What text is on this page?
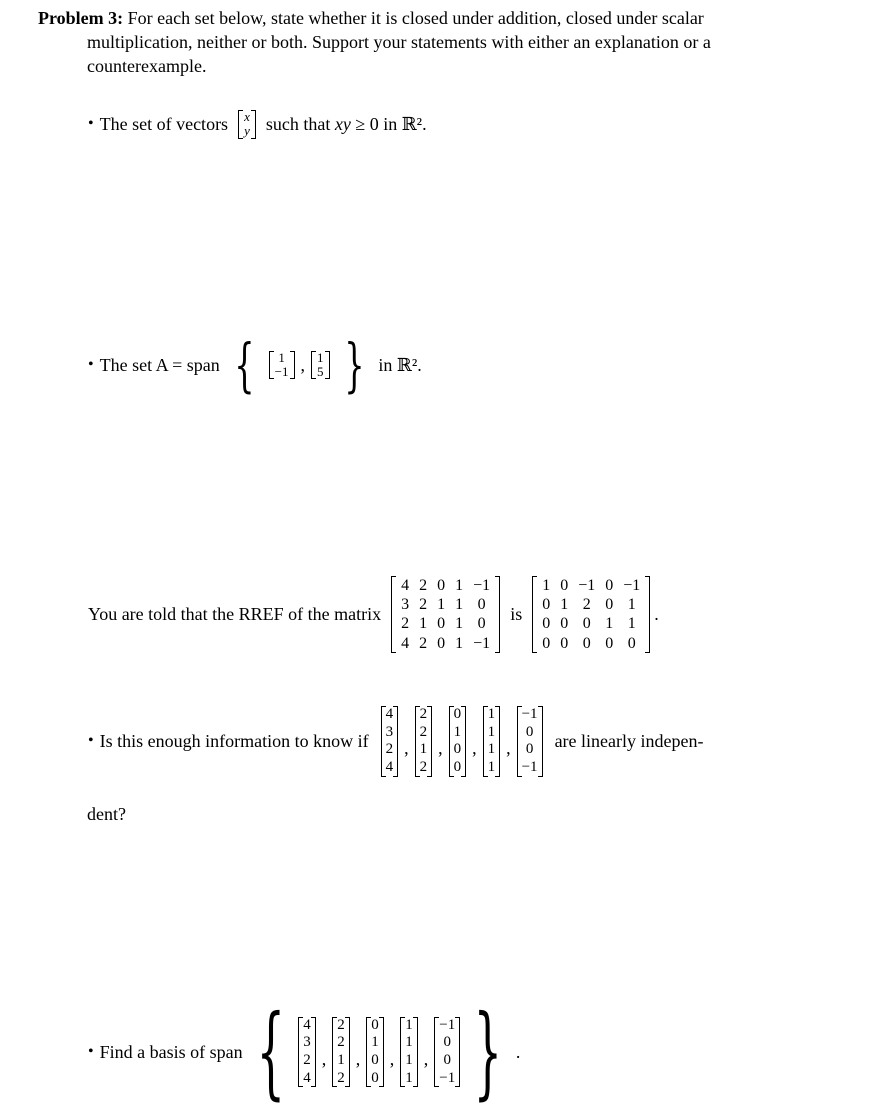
Problem 3: For each set below, state whether it is closed under addition, closed under scalar
multiplication, neither or both. Support your statements with either an explanation or a
counterexample.
• The set of vectors x
y such that xy ≥ 0 in ℝ².
• The set A = span {	1
−1 , 1
5 } in ℝ².
You are told that the RREF of the matrix
4 2 0 1 −1
3 2 1 1 0
2 1 0 1 0
4 2 0 1 −1
is
1 0 −1 0 −1
0 1 2 0 1
0 0 0 1 1
0 0 0 0 0
.
• Is this enough information to know if
4
3
2
4
,
2
2
1
2
,
0
1
0
0
,
1
1
1
1
,
−1
0
0
−1
are linearly indepen-
dent?
• Find a basis of span { 4
3
2
4
,
2
2
1
2
,
0
1
0
0
,
1
1
1
1
,
−1
0
0
−1 } .
